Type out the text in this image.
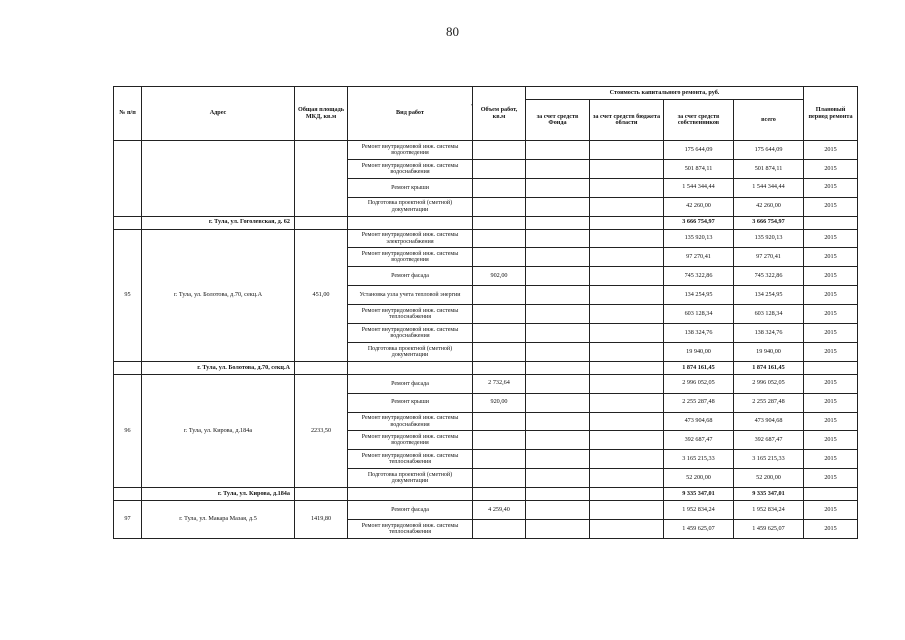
80
•
№ п/п	Адрес	Общая площадь МКД, кв.м	Вид работ	Объем работ, кв.м	Стоимость капитального ремонта, руб.				Плановый период ремонта
					за счет средств Фонда	за счет средств бюджета области	за счет средств собственников	всего	
			Ремонт внутридомовой инж. системы водоотведения				175 644,09	175 644,09	2015
			Ремонт внутридомовой инж. системы водоснабжения				501 874,11	501 874,11	2015
			Ремонт крыши				1 544 344,44	1 544 344,44	2015
			Подготовка проектной (сметной) документации				42 260,00	42 260,00	2015
	г. Тула, ул. Гоголевская, д. 62						3 666 754,97	3 666 754,97	
95	г. Тула, ул. Болотова, д.70, секц.А	451,00	Ремонт внутридомовой инж. системы электроснабжения				135 920,13	135 920,13	2015
			Ремонт внутридомовой инж. системы водоотведения				97 270,41	97 270,41	2015
			Ремонт фасада	902,00			745 322,86	745 322,86	2015
			Установка узла учета тепловой энергии				134 254,95	134 254,95	2015
			Ремонт внутридомовой инж. системы теплоснабжения				603 128,34	603 128,34	2015
			Ремонт внутридомовой инж. системы водоснабжения				138 324,76	138 324,76	2015
			Подготовка проектной (сметной) документации				19 940,00	19 940,00	2015
	г. Тула, ул. Болотова, д.70, секц.А						1 874 161,45	1 874 161,45	
96	г. Тула, ул. Кирова, д.184а	2233,50	Ремонт фасада	2 732,64			2 996 052,05	2 996 052,05	2015
			Ремонт крыши	920,00			2 255 287,48	2 255 287,48	2015
			Ремонт внутридомовой инж. системы водоснабжения				473 904,68	473 904,68	2015
			Ремонт внутридомовой инж. системы водоотведения				392 687,47	392 687,47	2015
			Ремонт внутридомовой инж. системы теплоснабжения				3 165 215,33	3 165 215,33	2015
			Подготовка проектной (сметной) документации				52 200,00	52 200,00	2015
	г. Тула, ул. Кирова, д.184а						9 335 347,01	9 335 347,01	
97	г. Тула, ул. Макара Мазая, д.5	1419,80	Ремонт фасада	4 259,40			1 952 834,24	1 952 834,24	2015
			Ремонт внутридомовой инж. системы теплоснабжения				1 459 625,07	1 459 625,07	2015
